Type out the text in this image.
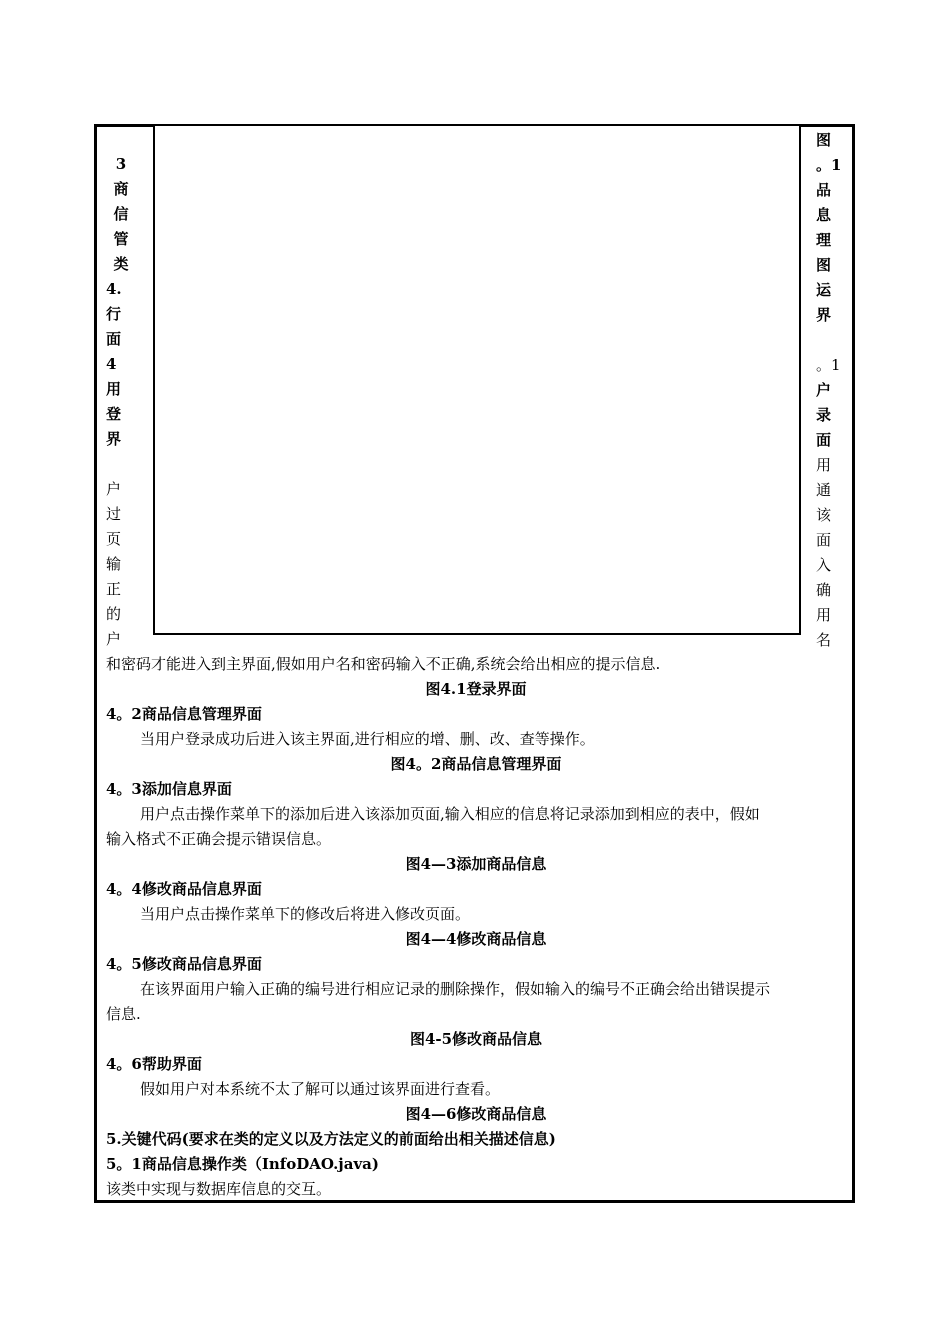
3
商
信
管
类
4.
行
面
4
用
登
界
户
过
页
输
正
的
户
图
。1
品
息
理
图
运
界
。1
户
录
面
用
通
该
面
入
确
用
名
和密码才能进入到主界面,假如用户名和密码输入不正确,系统会给出相应的提示信息.
图4.1登录界面
4。2商品信息管理界面
当用户登录成功后进入该主界面,进行相应的增、删、改、查等操作。
图4。2商品信息管理界面
4。3添加信息界面
用户点击操作菜单下的添加后进入该添加页面,输入相应的信息将记录添加到相应的表中，假如
输入格式不正确会提示错误信息。
图4—3添加商品信息
4。4修改商品信息界面
当用户点击操作菜单下的修改后将进入修改页面。
图4—4修改商品信息
4。5修改商品信息界面
在该界面用户输入正确的编号进行相应记录的删除操作，假如输入的编号不正确会给出错误提示
信息.
图4-5修改商品信息
4。6帮助界面
假如用户对本系统不太了解可以通过该界面进行查看。
图4—6修改商品信息
5.关键代码(要求在类的定义以及方法定义的前面给出相关描述信息)
5。1商品信息操作类（InfoDAO.java)
该类中实现与数据库信息的交互。
